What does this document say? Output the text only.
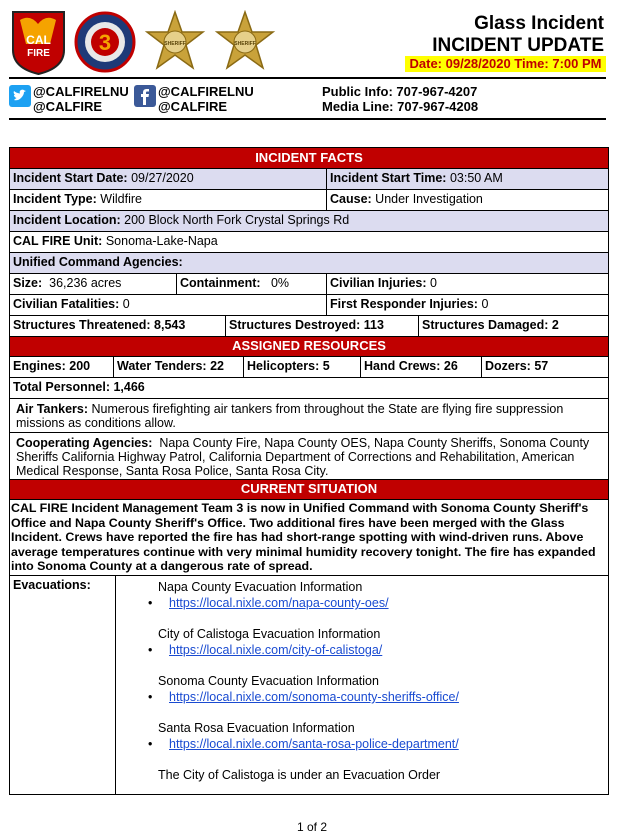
CAL
FIRE 3	SHERIFF	SHERIFF
Glass Incident
INCIDENT UPDATE
Date: 09/28/2020 Time: 7:00 PM
@CALFIRELNU
@CALFIRE
@CALFIRELNU
@CALFIRE
Public Info: 707-967-4207
Media Line: 707-967-4208
INCIDENT FACTS
Incident Start Date: 09/27/2020	Incident Start Time: 03:50 AM
Incident Type: Wildfire	Cause: Under Investigation
Incident Location: 200 Block North Fork Crystal Springs Rd
CAL FIRE Unit: Sonoma-Lake-Napa
Unified Command Agencies:
Size: 36,236 acres	Containment: 0%	Civilian Injuries: 0
Civilian Fatalities: 0	First Responder Injuries: 0
Structures Threatened: 8,543	Structures Destroyed: 113	Structures Damaged: 2
ASSIGNED RESOURCES
Engines: 200	Water Tenders: 22	Helicopters: 5	Hand Crews: 26	Dozers: 57
Total Personnel: 1,466
Air Tankers: Numerous firefighting air tankers from throughout the State are flying fire suppression missions as conditions allow.
Cooperating Agencies: Napa County Fire, Napa County OES, Napa County Sheriffs, Sonoma County Sheriffs California Highway Patrol, California Department of Corrections and Rehabilitation, American Medical Response, Santa Rosa Police, Santa Rosa City.
CURRENT SITUATION
CAL FIRE Incident Management Team 3 is now in Unified Command with Sonoma County Sheriff's Office and Napa County Sheriff's Office. Two additional fires have been merged with the Glass Incident. Crews have reported the fire has had short-range spotting with wind-driven runs. Above average temperatures continue with very minimal humidity recovery tonight. The fire has expanded into Sonoma County at a dangerous rate of spread.
Evacuations:	Napa County Evacuation Information
• https://local.nixle.com/napa-county-oes/
City of Calistoga Evacuation Information
• https://local.nixle.com/city-of-calistoga/
Sonoma County Evacuation Information
• https://local.nixle.com/sonoma-county-sheriffs-office/
Santa Rosa Evacuation Information
• https://local.nixle.com/santa-rosa-police-department/
The City of Calistoga is under an Evacuation Order
1 of 2
